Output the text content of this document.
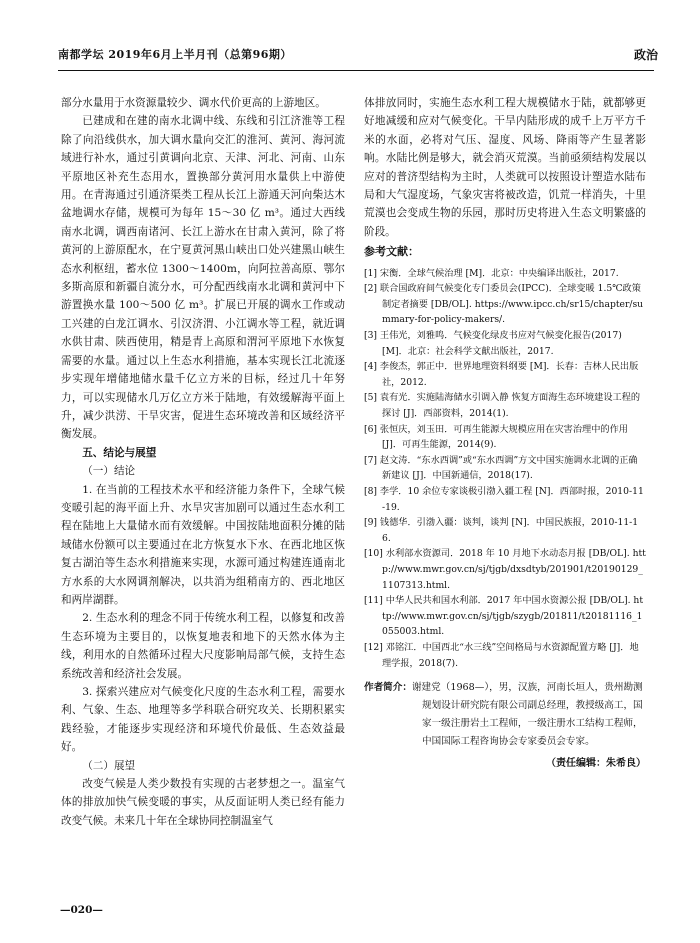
南都学坛 2019年6月上半月刊（总第96期）	政治

部分水量用于水资源量较少、调水代价更高的上游地区。

已建成和在建的南水北调中线、东线和引江济淮等工程除了向沿线供水，加大调水量向交汇的淮河、黄河、海河流域进行补水，通过引黄调向北京、天津、河北、河南、山东平原地区补充生态用水，置换部分黄河用水量供上中游使用。在青海通过引通济渠类工程从长江上游通天河向柴达木盆地调水存储，规模可为每年 15～30 亿 m³。通过大西线南水北调，调西南诸河、长江上游水在甘肃入黄河，除了将黄河的上游原配水，在宁夏黄河黑山峡出口处兴建黑山峡生态水利枢纽，蓄水位 1300～1400m，向阿拉善高原、鄂尔多斯高原和新疆自流分水，可分配西线南水北调和黄河中下游置换水量 100～500 亿 m³。扩展已开展的调水工作或动工兴建的白龙江调水、引汉济渭、小江调水等工程，就近调水供甘肃、陕西使用，精是青上高原和渭河平原地下水恢复需要的水量。通过以上生态水利措施，基本实现长江北流逐步实现年增储地储水量千亿立方米的目标，经过几十年努力，可以实现储水几万亿立方米于陆地，有效缓解海平面上升，减少洪涝、干旱灾害，促进生态环境改善和区域经济平衡发展。

五、结论与展望
（一）结论

1. 在当前的工程技术水平和经济能力条件下，全球气候变暖引起的海平面上升、水旱灾害加剧可以通过生态水利工程在陆地上大量储水而有效缓解。中国按陆地面积分摊的陆域储水份额可以主要通过在北方恢复水下水、在西北地区恢复古湖泊等生态水利措施来实现，水源可通过构建连通南北方水系的大水网调剂解决，以共消为组稍南方的、西北地区和两岸湖群。

2. 生态水利的理念不同于传统水利工程，以修复和改善生态环境为主要目的，以恢复地表和地下的天然水体为主线，利用水的自然循环过程大尺度影响局部气候，支持生态系统改善和经济社会发展。

3. 探索兴建应对气候变化尺度的生态水利工程，需要水利、气象、生态、地理等多学科联合研究攻关、长期积累实践经验，才能逐步实现经济和环境代价最低、生态效益最好。

（二）展望

改变气候是人类少数投有实现的古老梦想之一。温室气体的排放加快气候变暖的事实，从反面证明人类已经有能力改变气候。未来几十年在全球协同控制温室气

体排放同时，实施生态水利工程大规模储水于陆，就都够更好地减缓和应对气候变化。干旱内陆形成的成千上万平方千米的水面，必将对气压、湿度、风场、降雨等产生显著影响。水陆比例是够大，就会消灭荒漠。当前亟须结构发展以应对的普济型结构为主时，人类就可以按照设计塑造水陆布局和大气湿度场，气象灾害将被改造，饥荒一样消失，十里荒漠也会变成生物的乐园，那时历史将进入生态文明繁盛的阶段。

参考文献：
[1] 宋衡．全球气候治理 [M]．北京：中央编译出版社，2017.
[2] 联合国政府间气候变化专门委员会(IPCC)．全球变暖 1.5℃政策制定者摘要 [DB/OL]. https://www.ipcc.ch/sr15/chapter/summary-for-policy-makers/.
[3] 王伟光，刘雅鸣．气候变化绿皮书应对气候变化报告(2017) [M]．北京：社会科学文献出版社，2017.
[4] 李俊杰，郭正中．世界地理资料纲要 [M]．长春：吉林人民出版社，2012.
[5] 袁有光．实施陆海储水引调入静 恢复方面海生态环境建设工程的探讨 [J]．西部资料，2014(1).
[6] 张恒庆，刘玉田．可再生能源大规模应用在灾害治理中的作用 [J]．可再生能源，2014(9).
[7] 赵文涛．“东水西调”或“东水西调”方文中国实施调水北调的正确新建议 [J]．中国新通信，2018(17).
[8] 李学．10 余位专家谈极引渤入疆工程 [N]．西部时报，2010-11-19.
[9] 钱德华．引渤入疆：谈判，谈判 [N]．中国民族报，2010-11-16.
[10] 水利部水资源司．2018 年 10 月地下水动态月报 [DB/OL]. http://www.mwr.gov.cn/sj/tjgb/dxsdtyb/201901/t20190129_1107313.html.
[11] 中华人民共和国水利部．2017 年中国水资源公报 [DB/OL]. http://www.mwr.gov.cn/sj/tjgb/szygb/201811/t20181116_1055003.html.
[12] 邓铭江．中国西北“水三线”空间格局与水资源配置方略 [J]．地理学报，2018(7).
作者简介：谢建党（1968—），男，汉族，河南长垣人，贵州勘测规划设计研究院有限公司副总经理，教授级高工，国家一级注册岩土工程师，一级注册水工结构工程师，中国国际工程咨询协会专家委员会专家。
（责任编辑：朱希良）
—020—
